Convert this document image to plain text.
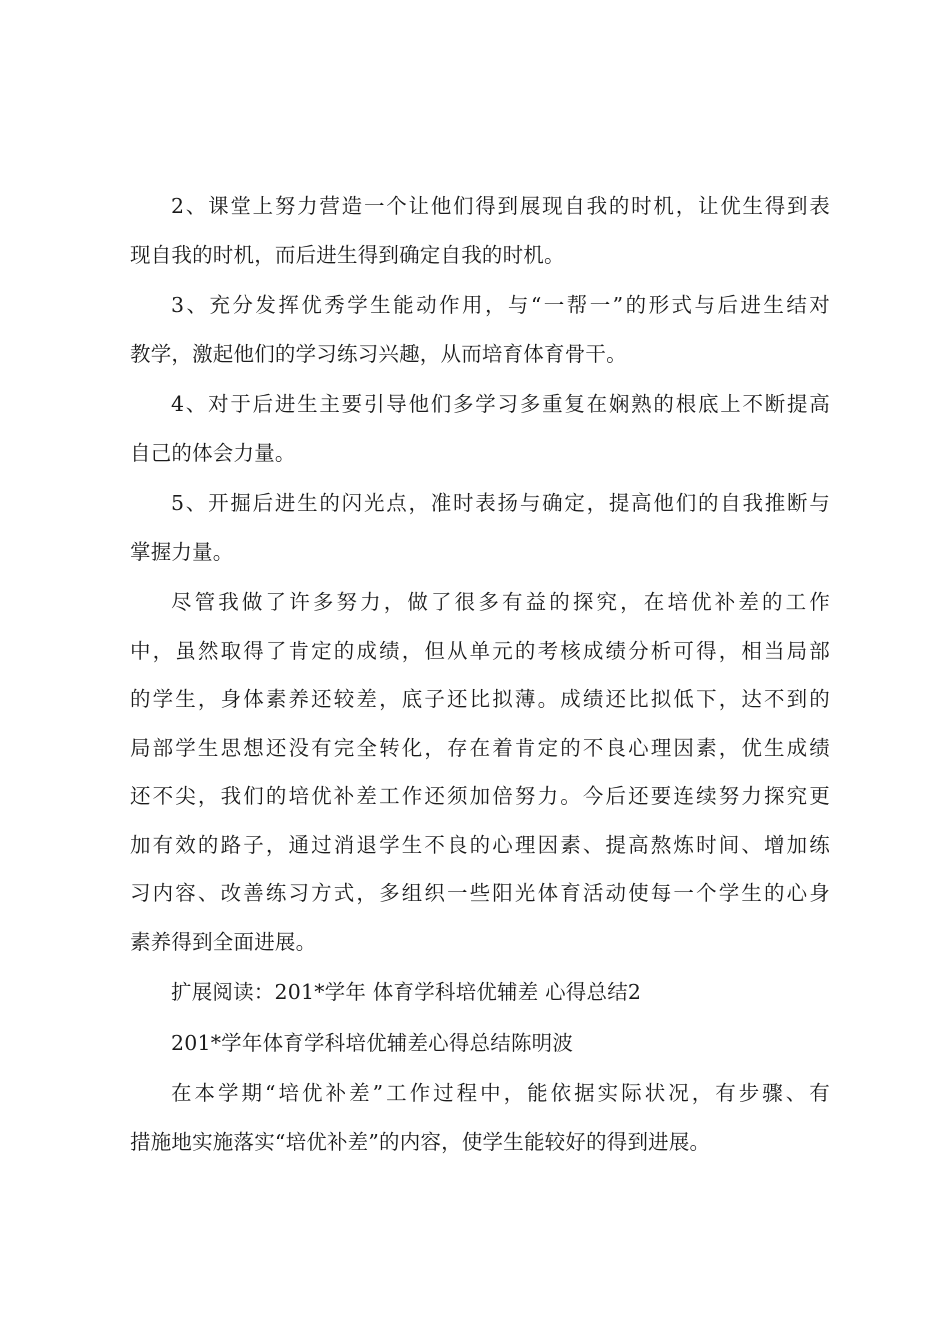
2、课堂上努力营造一个让他们得到展现自我的时机，让优生得到表
现自我的时机，而后进生得到确定自我的时机。
3、充分发挥优秀学生能动作用，与“一帮一”的形式与后进生结对
教学，激起他们的学习练习兴趣，从而培育体育骨干。
4、对于后进生主要引导他们多学习多重复在娴熟的根底上不断提高
自己的体会力量。
5、开掘后进生的闪光点，准时表扬与确定，提高他们的自我推断与
掌握力量。
尽管我做了许多努力，做了很多有益的探究，在培优补差的工作
中，虽然取得了肯定的成绩，但从单元的考核成绩分析可得，相当局部
的学生，身体素养还较差，底子还比拟薄。成绩还比拟低下，达不到的
局部学生思想还没有完全转化，存在着肯定的不良心理因素，优生成绩
还不尖，我们的培优补差工作还须加倍努力。今后还要连续努力探究更
加有效的路子，通过消退学生不良的心理因素、提高熬炼时间、增加练
习内容、改善练习方式，多组织一些阳光体育活动使每一个学生的心身
素养得到全面进展。
扩展阅读：201*学年 体育学科培优辅差 心得总结2
201*学年体育学科培优辅差心得总结陈明波
在本学期“培优补差”工作过程中，能依据实际状况，有步骤、有
措施地实施落实“培优补差”的内容，使学生能较好的得到进展。
